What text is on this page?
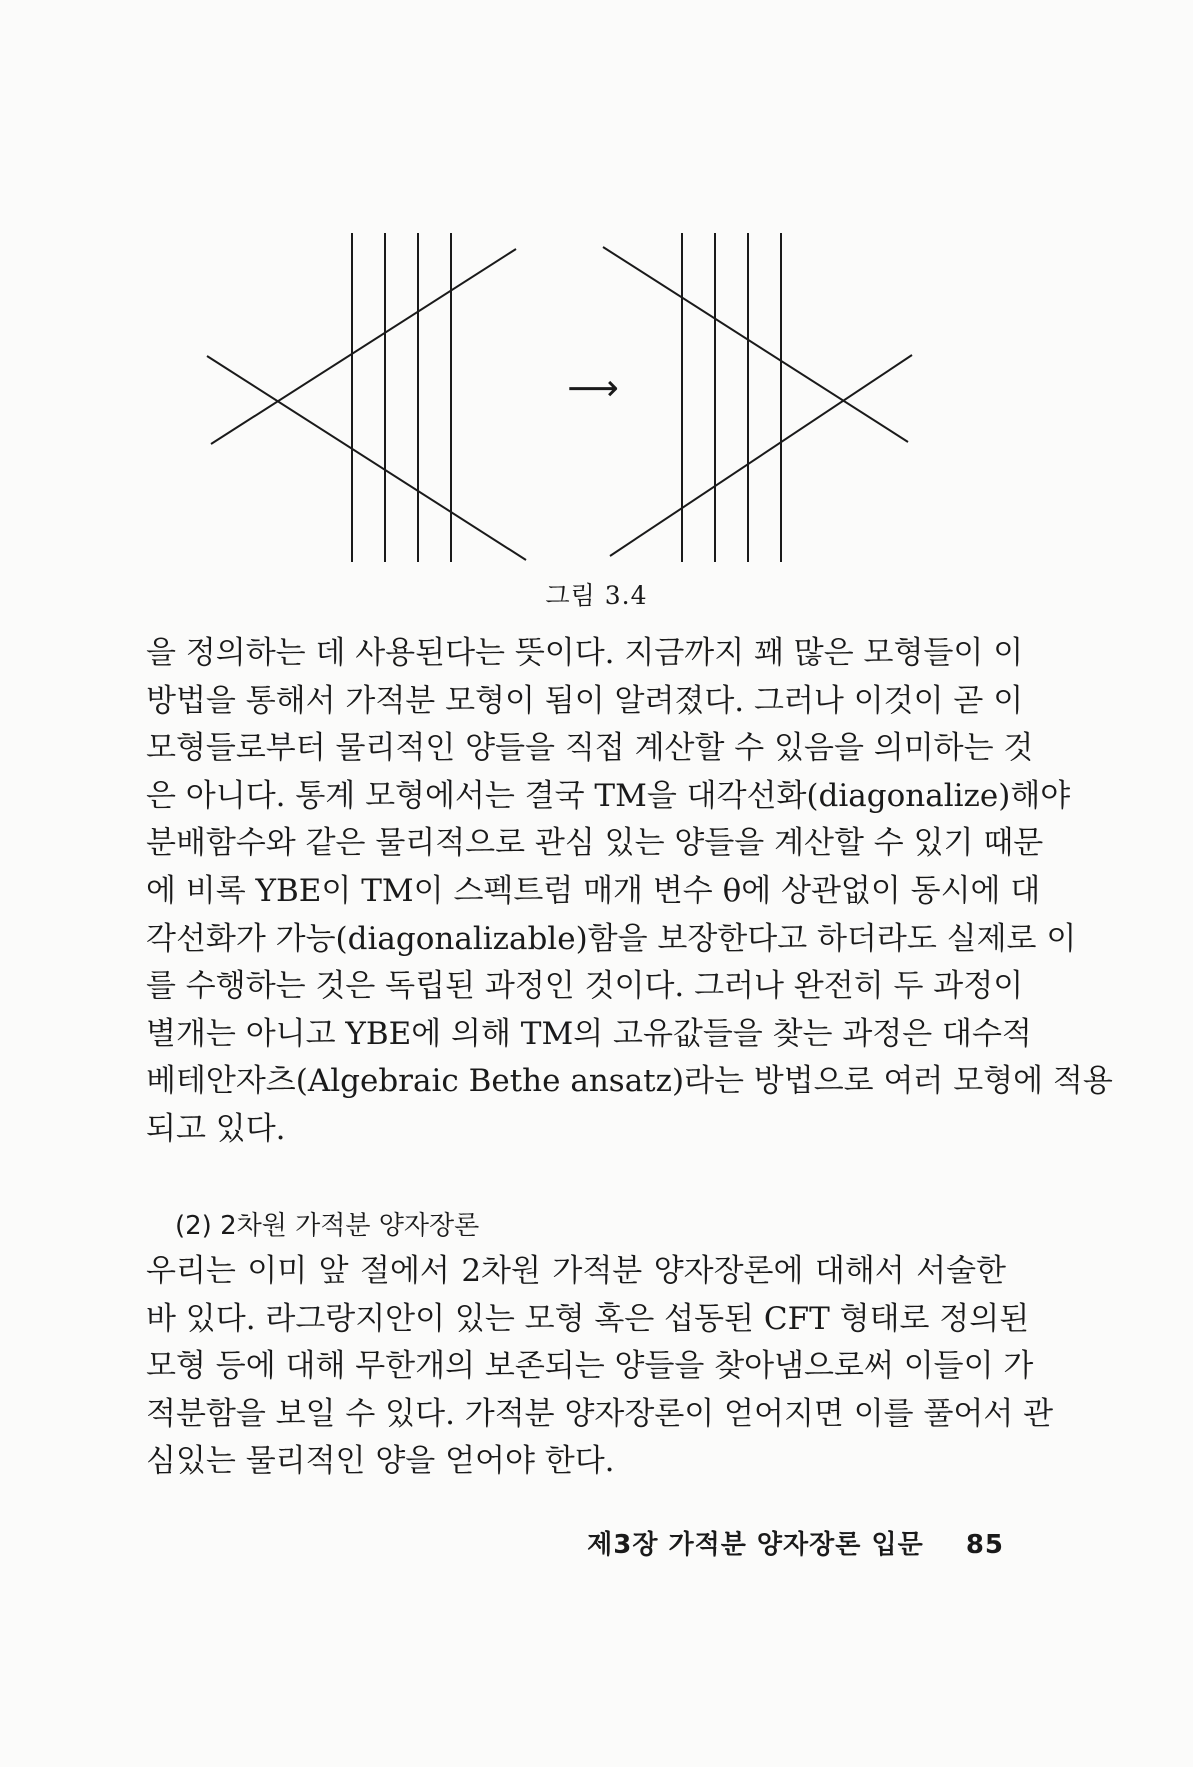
⟶
그림 3.4
을 정의하는 데 사용된다는 뜻이다. 지금까지 꽤 많은 모형들이 이
방법을 통해서 가적분 모형이 됨이 알려졌다. 그러나 이것이 곧 이
모형들로부터 물리적인 양들을 직접 계산할 수 있음을 의미하는 것
은 아니다. 통계 모형에서는 결국 TM을 대각선화(diagonalize)해야
분배함수와 같은 물리적으로 관심 있는 양들을 계산할 수 있기 때문
에 비록 YBE이 TM이 스펙트럼 매개 변수 θ에 상관없이 동시에 대
각선화가 가능(diagonalizable)함을 보장한다고 하더라도 실제로 이
를 수행하는 것은 독립된 과정인 것이다. 그러나 완전히 두 과정이
별개는 아니고 YBE에 의해 TM의 고유값들을 찾는 과정은 대수적
베테안자츠(Algebraic Bethe ansatz)라는 방법으로 여러 모형에 적용
되고 있다.
(2) 2차원 가적분 양자장론
우리는 이미 앞 절에서 2차원 가적분 양자장론에 대해서 서술한
바 있다. 라그랑지안이 있는 모형 혹은 섭동된 CFT 형태로 정의된
모형 등에 대해 무한개의 보존되는 양들을 찾아냄으로써 이들이 가
적분함을 보일 수 있다. 가적분 양자장론이 얻어지면 이를 풀어서 관
심있는 물리적인 양을 얻어야 한다.
제3장 가적분 양자장론 입문 85
